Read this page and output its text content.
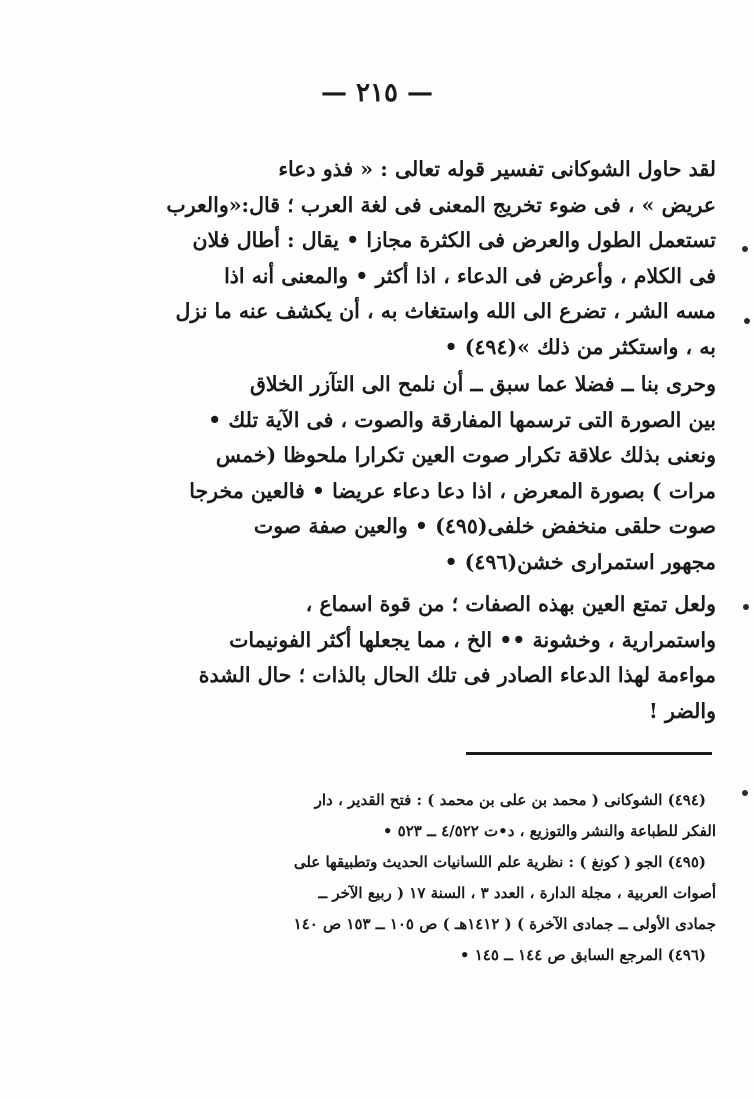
— ٢١٥ —
لقد حاول الشوكانى تفسير قوله تعالى : « فذو دعاء
عريض » ، فى ضوء تخريج المعنى فى لغة العرب ؛ قال:«والعرب
تستعمل الطول والعرض فى الكثرة مجازا • يقال : أطال فلان
فى الكلام ، وأعرض فى الدعاء ، اذا أكثر • والمعنى أنه اذا
مسه الشر ، تضرع الى الله واستغاث به ، أن يكشف عنه ما نزل
به ، واستكثر من ذلك »(٤٩٤) •
وحرى بنا ــ فضلا عما سبق ــ أن نلمح الى التآزر الخلاق
بين الصورة التى ترسمها المفارقة والصوت ، فى الآية تلك •
ونعنى بذلك علاقة تكرار صوت العين تكرارا ملحوظا (خمس
مرات ) بصورة المعرض ، اذا دعا دعاء عريضا • فالعين مخرجا
صوت حلقى منخفض خلفى(٤٩٥) • والعين صفة صوت
مجهور استمرارى خشن(٤٩٦) •
ولعل تمتع العين بهذه الصفات ؛ من قوة اسماع ،
واستمرارية ، وخشونة •• الخ ، مما يجعلها أكثر الفونيمات
مواءمة لهذا الدعاء الصادر فى تلك الحال بالذات ؛ حال الشدة
والضر !
(٤٩٤) الشوكانى ( محمد بن على بن محمد ) : فتح القدير ، دار
الفكر للطباعة والنشر والتوزيع ، د•ت ٤/٥٢٢ ــ ٥٢٣ •
(٤٩٥) الجو ( كونغ ) : نظرية علم اللسانيات الحديث وتطبيقها على
أصوات العربية ، مجلة الدارة ، العدد ٣ ، السنة ١٧ ( ربيع الآخر ــ
جمادى الأولى ــ جمادى الآخرة ) ( ١٤١٢هـ ) ص ١٠٥ ــ ١٥٣ ص ١٤٠
(٤٩٦) المرجع السابق ص ١٤٤ ــ ١٤٥ •
